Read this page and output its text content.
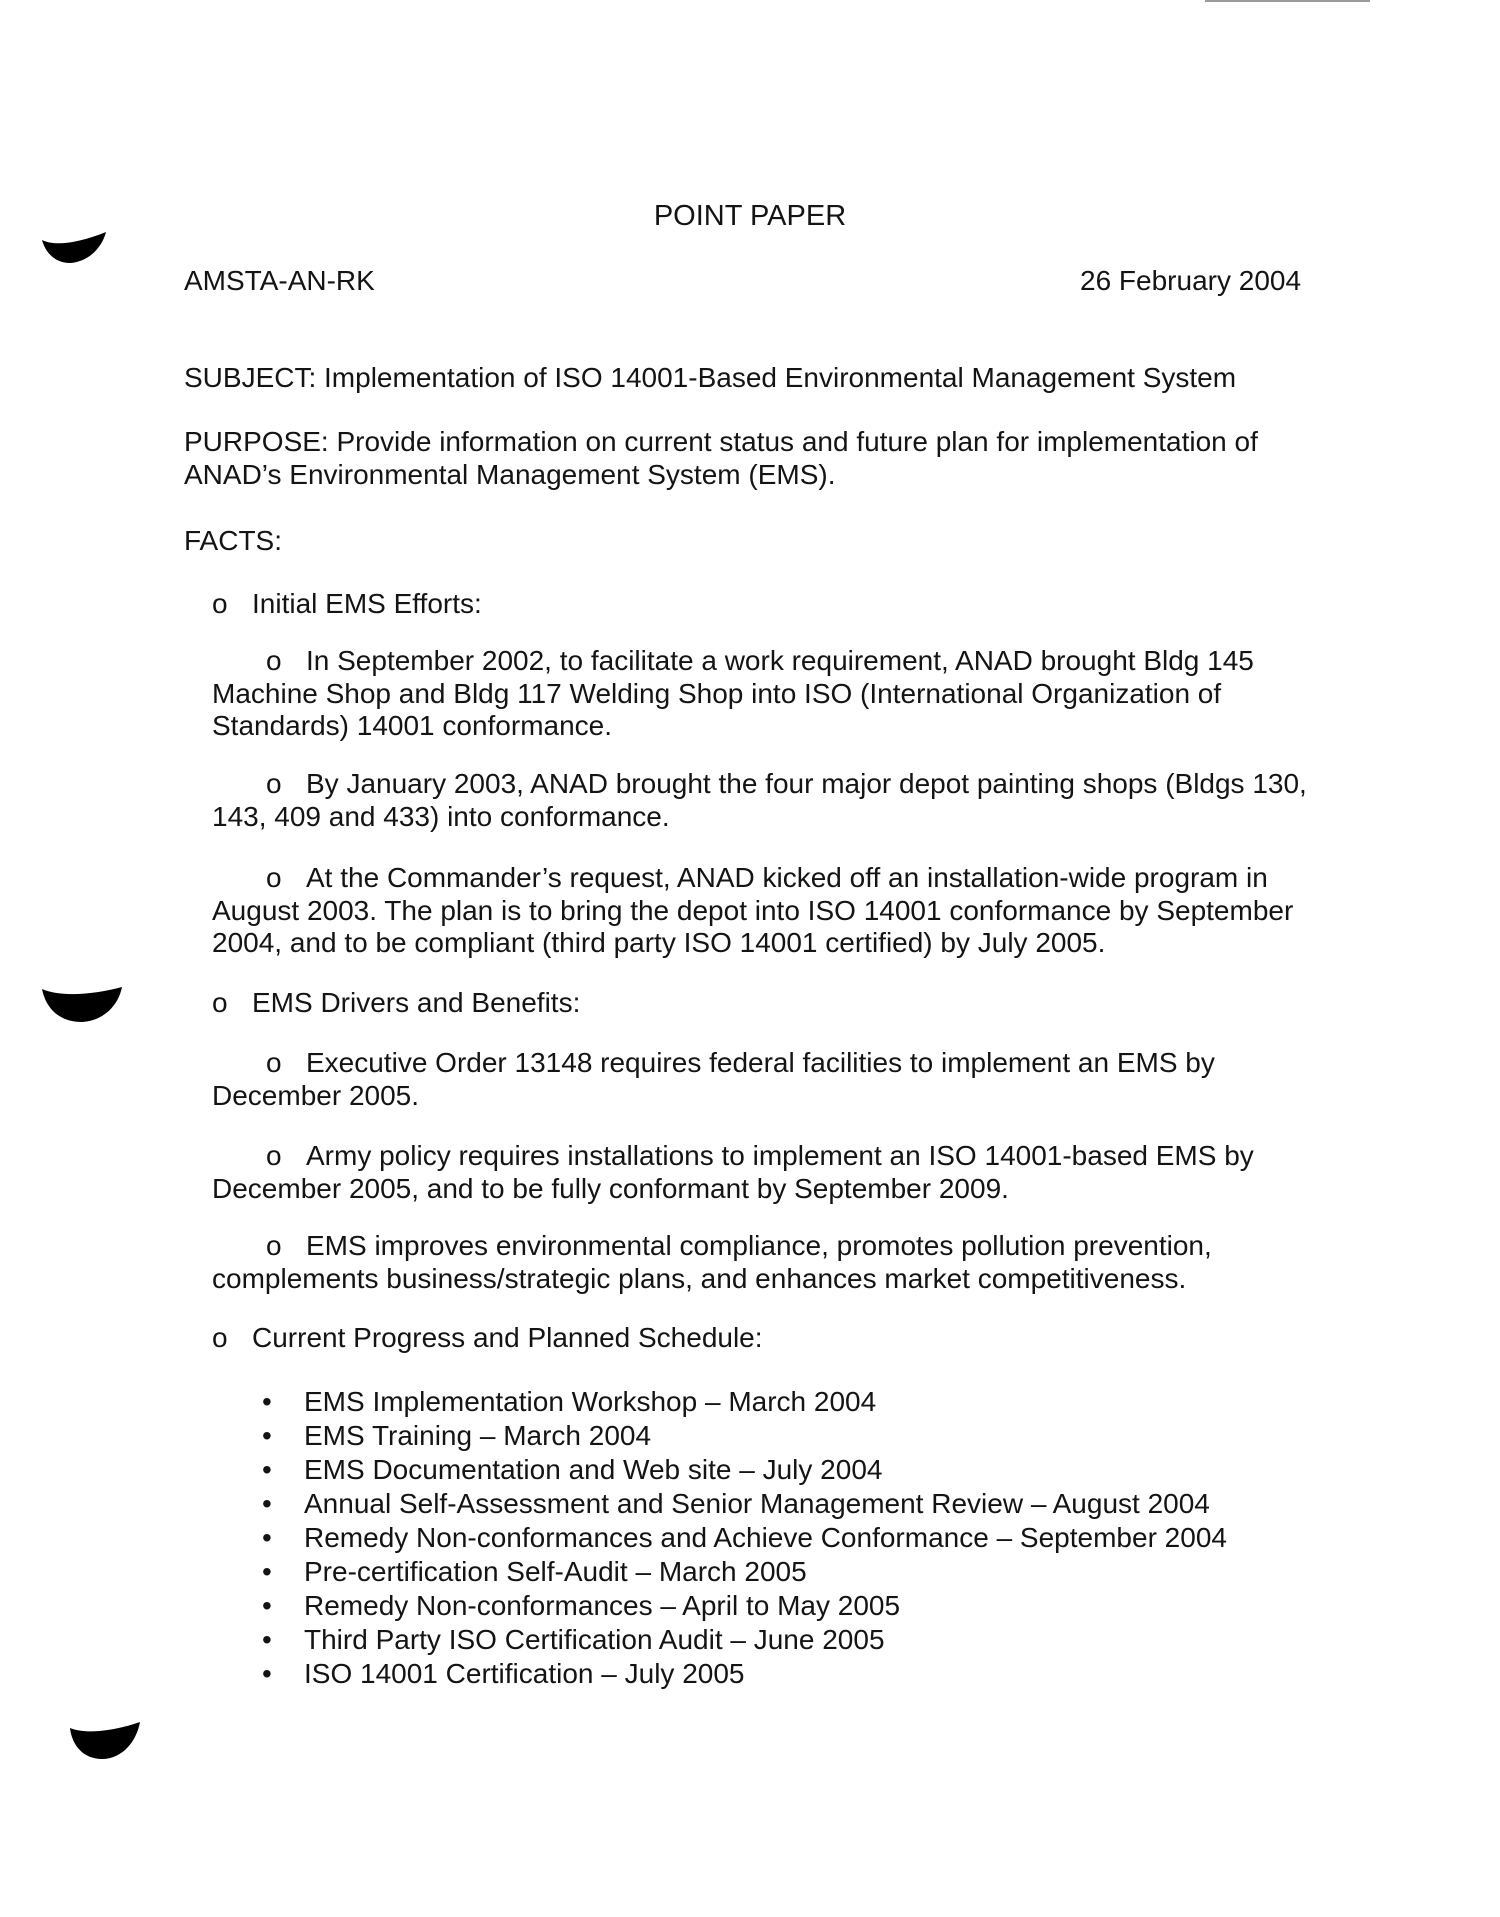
POINT PAPER
AMSTA-AN-RK	26 February 2004
SUBJECT: Implementation of ISO 14001-Based Environmental Management System
PURPOSE: Provide information on current status and future plan for implementation of ANAD’s Environmental Management System (EMS).
FACTS:
o Initial EMS Efforts:
o In September 2002, to facilitate a work requirement, ANAD brought Bldg 145 Machine Shop and Bldg 117 Welding Shop into ISO (International Organization of Standards) 14001 conformance.
o By January 2003, ANAD brought the four major depot painting shops (Bldgs 130, 143, 409 and 433) into conformance.
o At the Commander’s request, ANAD kicked off an installation-wide program in August 2003. The plan is to bring the depot into ISO 14001 conformance by September 2004, and to be compliant (third party ISO 14001 certified) by July 2005.
o EMS Drivers and Benefits:
o Executive Order 13148 requires federal facilities to implement an EMS by December 2005.
o Army policy requires installations to implement an ISO 14001-based EMS by December 2005, and to be fully conformant by September 2009.
o EMS improves environmental compliance, promotes pollution prevention, complements business/strategic plans, and enhances market competitiveness.
o Current Progress and Planned Schedule:
• EMS Implementation Workshop – March 2004
• EMS Training – March 2004
• EMS Documentation and Web site – July 2004
• Annual Self-Assessment and Senior Management Review – August 2004
• Remedy Non-conformances and Achieve Conformance – September 2004
• Pre-certification Self-Audit – March 2005
• Remedy Non-conformances – April to May 2005
• Third Party ISO Certification Audit – June 2005
• ISO 14001 Certification – July 2005
